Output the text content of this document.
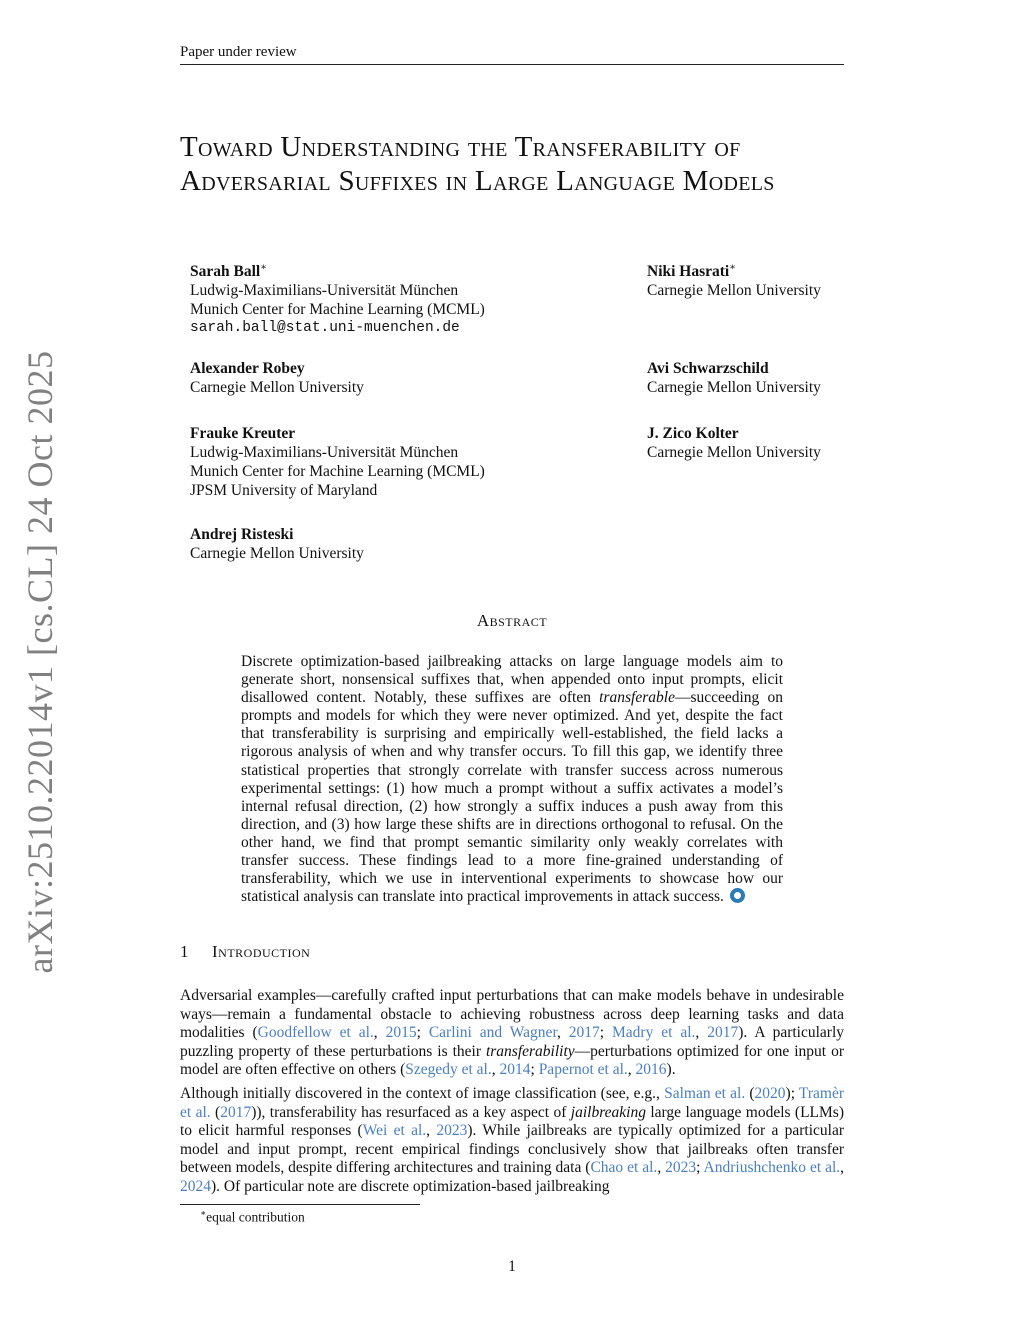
Paper under review
arXiv:2510.22014v1 [cs.CL] 24 Oct 2025
Toward Understanding the Transferability of Adversarial Suffixes in Large Language Models
Sarah Ball∗
Ludwig-Maximilians-Universität München
Munich Center for Machine Learning (MCML)
sarah.ball@stat.uni-muenchen.de
Niki Hasrati∗
Carnegie Mellon University
Alexander Robey
Carnegie Mellon University
Avi Schwarzschild
Carnegie Mellon University
Frauke Kreuter
Ludwig-Maximilians-Universität München
Munich Center for Machine Learning (MCML)
JPSM University of Maryland
J. Zico Kolter
Carnegie Mellon University
Andrej Risteski
Carnegie Mellon University
Abstract
Discrete optimization-based jailbreaking attacks on large language models aim to generate short, nonsensical suffixes that, when appended onto input prompts, elicit disallowed content. Notably, these suffixes are often transferable—succeeding on prompts and models for which they were never optimized. And yet, despite the fact that transferability is surprising and empirically well-established, the field lacks a rigorous analysis of when and why transfer occurs. To fill this gap, we identify three statistical properties that strongly correlate with transfer success across numerous experimental settings: (1) how much a prompt without a suffix activates a model’s internal refusal direction, (2) how strongly a suffix induces a push away from this direction, and (3) how large these shifts are in directions orthogonal to refusal. On the other hand, we find that prompt semantic similarity only weakly correlates with transfer success. These findings lead to a more fine-grained understanding of transferability, which we use in interventional experiments to showcase how our statistical analysis can translate into practical improvements in attack success.
1 Introduction
Adversarial examples—carefully crafted input perturbations that can make models behave in undesirable ways—remain a fundamental obstacle to achieving robustness across deep learning tasks and data modalities (Goodfellow et al., 2015; Carlini and Wagner, 2017; Madry et al., 2017). A particularly puzzling property of these perturbations is their transferability—perturbations optimized for one input or model are often effective on others (Szegedy et al., 2014; Papernot et al., 2016).
Although initially discovered in the context of image classification (see, e.g., Salman et al. (2020); Tramèr et al. (2017)), transferability has resurfaced as a key aspect of jailbreaking large language models (LLMs) to elicit harmful responses (Wei et al., 2023). While jailbreaks are typically optimized for a particular model and input prompt, recent empirical findings conclusively show that jailbreaks often transfer between models, despite differing architectures and training data (Chao et al., 2023; Andriushchenko et al., 2024). Of particular note are discrete optimization-based jailbreaking
∗equal contribution
1
